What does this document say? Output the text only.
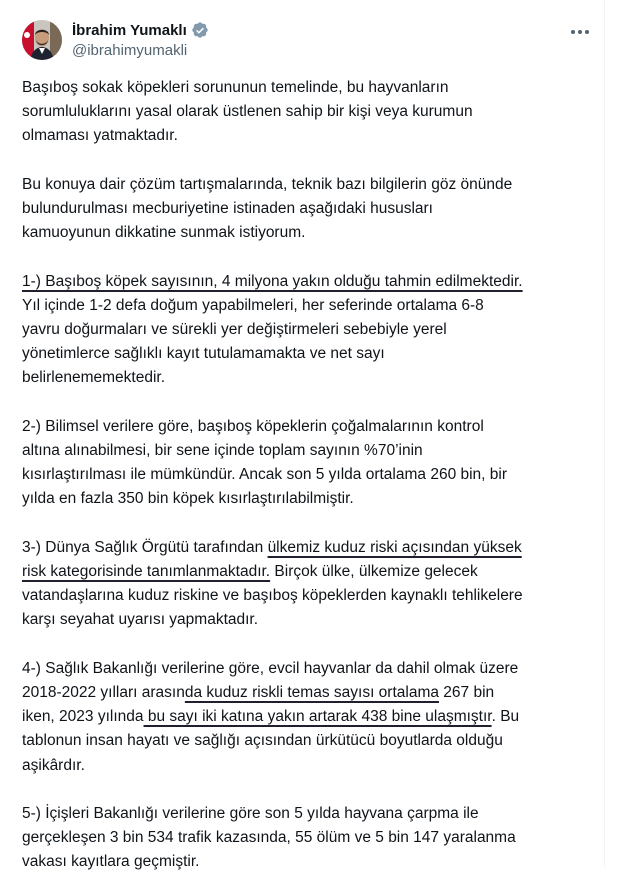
İbrahim Yumaklı
@ibrahimyumakli

Başıboş sokak köpekleri sorununun temelinde, bu hayvanların
sorumluluklarını yasal olarak üstlenen sahip bir kişi veya kurumun
olmaması yatmaktadır.

Bu konuya dair çözüm tartışmalarında, teknik bazı bilgilerin göz önünde
bulundurulması mecburiyetine istinaden aşağıdaki hususları
kamuoyunun dikkatine sunmak istiyorum.

1-) Başıboş köpek sayısının, 4 milyona yakın olduğu tahmin edilmektedir.
Yıl içinde 1-2 defa doğum yapabilmeleri, her seferinde ortalama 6-8
yavru doğurmaları ve sürekli yer değiştirmeleri sebebiyle yerel
yönetimlerce sağlıklı kayıt tutulamamakta ve net sayı
belirlenememektedir.

2-) Bilimsel verilere göre, başıboş köpeklerin çoğalmalarının kontrol
altına alınabilmesi, bir sene içinde toplam sayının %70’inin
kısırlaştırılması ile mümkündür. Ancak son 5 yılda ortalama 260 bin, bir
yılda en fazla 350 bin köpek kısırlaştırılabilmiştir.

3-) Dünya Sağlık Örgütü tarafından ülkemiz kuduz riski açısından yüksek
risk kategorisinde tanımlanmaktadır. Birçok ülke, ülkemize gelecek
vatandaşlarına kuduz riskine ve başıboş köpeklerden kaynaklı tehlikelere
karşı seyahat uyarısı yapmaktadır.

4-) Sağlık Bakanlığı verilerine göre, evcil hayvanlar da dahil olmak üzere
2018-2022 yılları arasında kuduz riskli temas sayısı ortalama 267 bin
iken, 2023 yılında bu sayı iki katına yakın artarak 438 bine ulaşmıştır. Bu
tablonun insan hayatı ve sağlığı açısından ürkütücü boyutlarda olduğu
aşikârdır.

5-) İçişleri Bakanlığı verilerine göre son 5 yılda hayvana çarpma ile
gerçekleşen 3 bin 534 trafik kazasında, 55 ölüm ve 5 bin 147 yaralanma
vakası kayıtlara geçmiştir.
